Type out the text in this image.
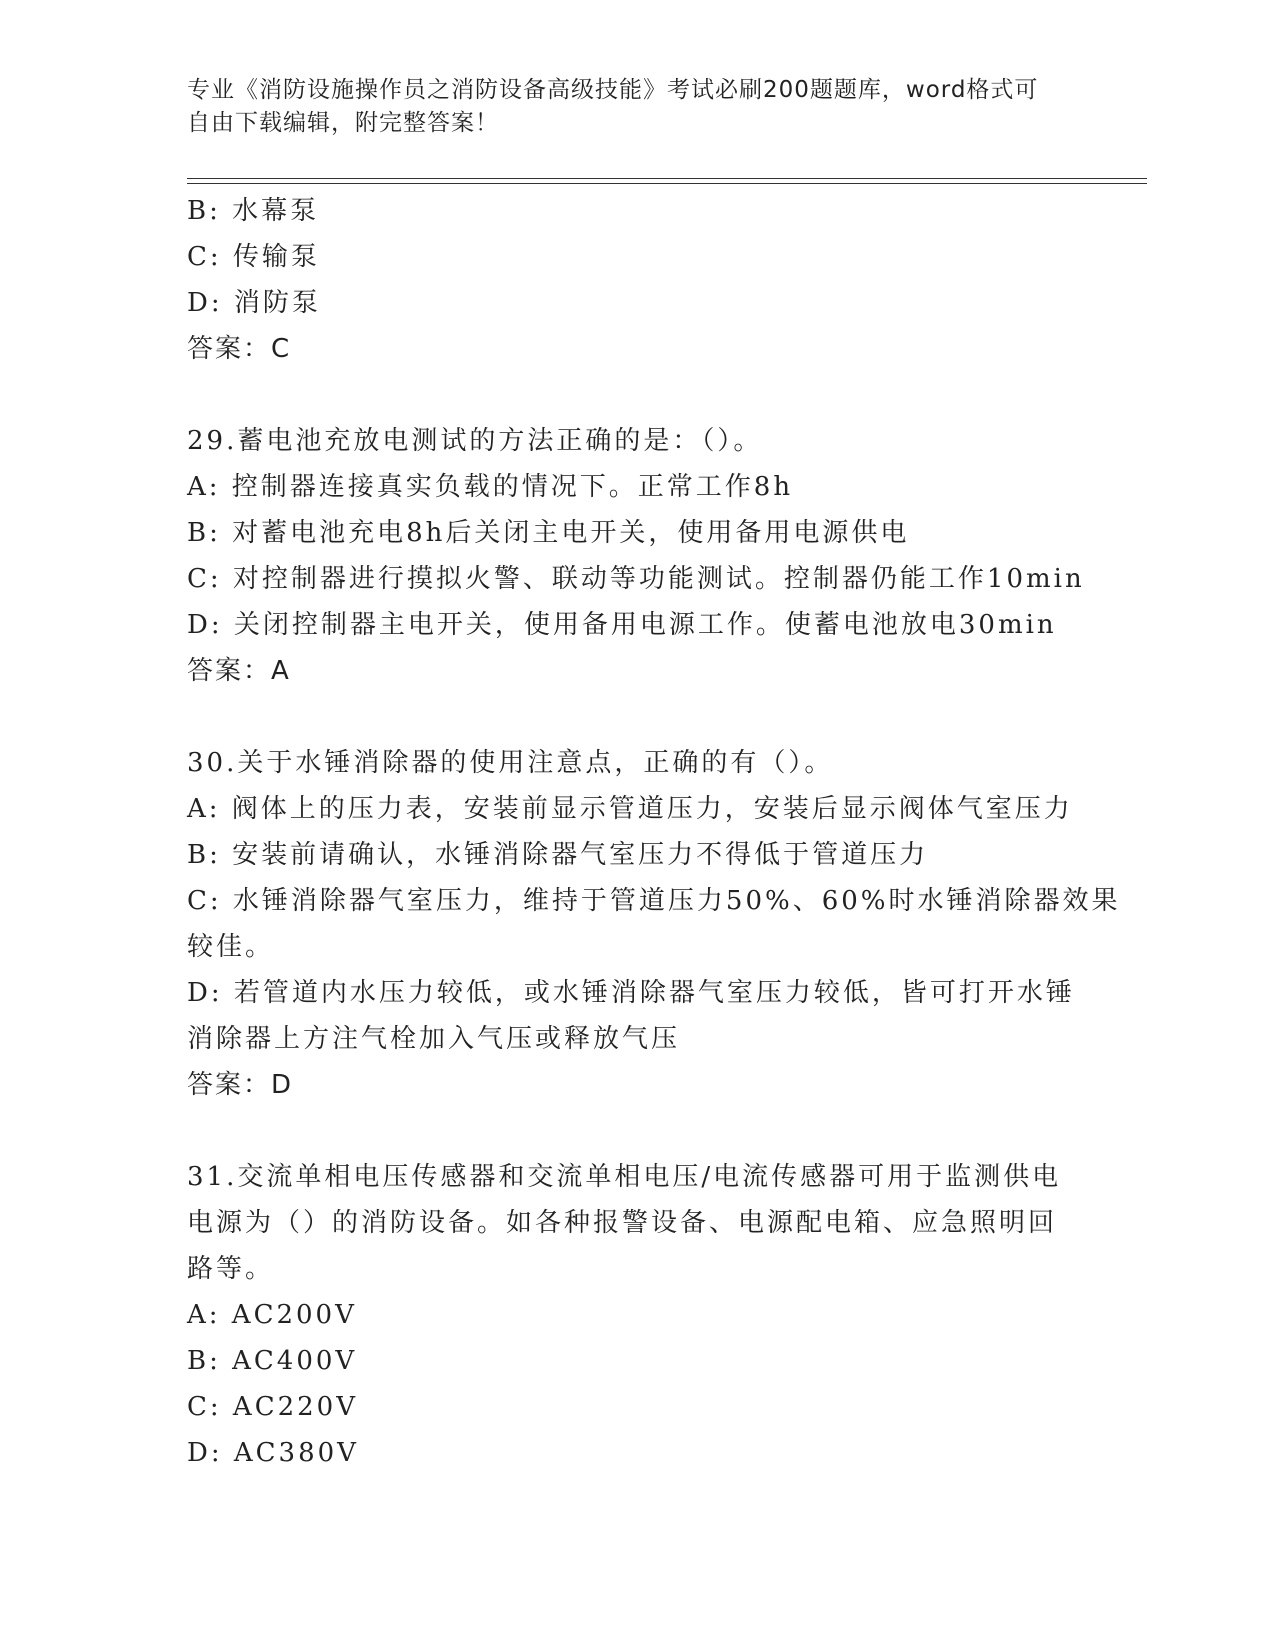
专业《消防设施操作员之消防设备高级技能》考试必刷200题题库，word格式可
自由下载编辑，附完整答案！
B: 水幕泵
C: 传输泵
D: 消防泵
答案：C
29.蓄电池充放电测试的方法正确的是：（）。
A: 控制器连接真实负载的情况下。正常工作8h
B: 对蓄电池充电8h后关闭主电开关，使用备用电源供电
C: 对控制器进行摸拟火警、联动等功能测试。控制器仍能工作10min
D: 关闭控制器主电开关，使用备用电源工作。使蓄电池放电30min
答案：A
30.关于水锤消除器的使用注意点，正确的有（）。
A: 阀体上的压力表，安装前显示管道压力，安装后显示阀体气室压力
B: 安装前请确认，水锤消除器气室压力不得低于管道压力
C: 水锤消除器气室压力，维持于管道压力50%、60%时水锤消除器效果
较佳。
D: 若管道内水压力较低，或水锤消除器气室压力较低，皆可打开水锤
消除器上方注气栓加入气压或释放气压
答案：D
31.交流单相电压传感器和交流单相电压/电流传感器可用于监测供电
电源为（）的消防设备。如各种报警设备、电源配电箱、应急照明回
路等。
A: AC200V
B: AC400V
C: AC220V
D: AC380V
